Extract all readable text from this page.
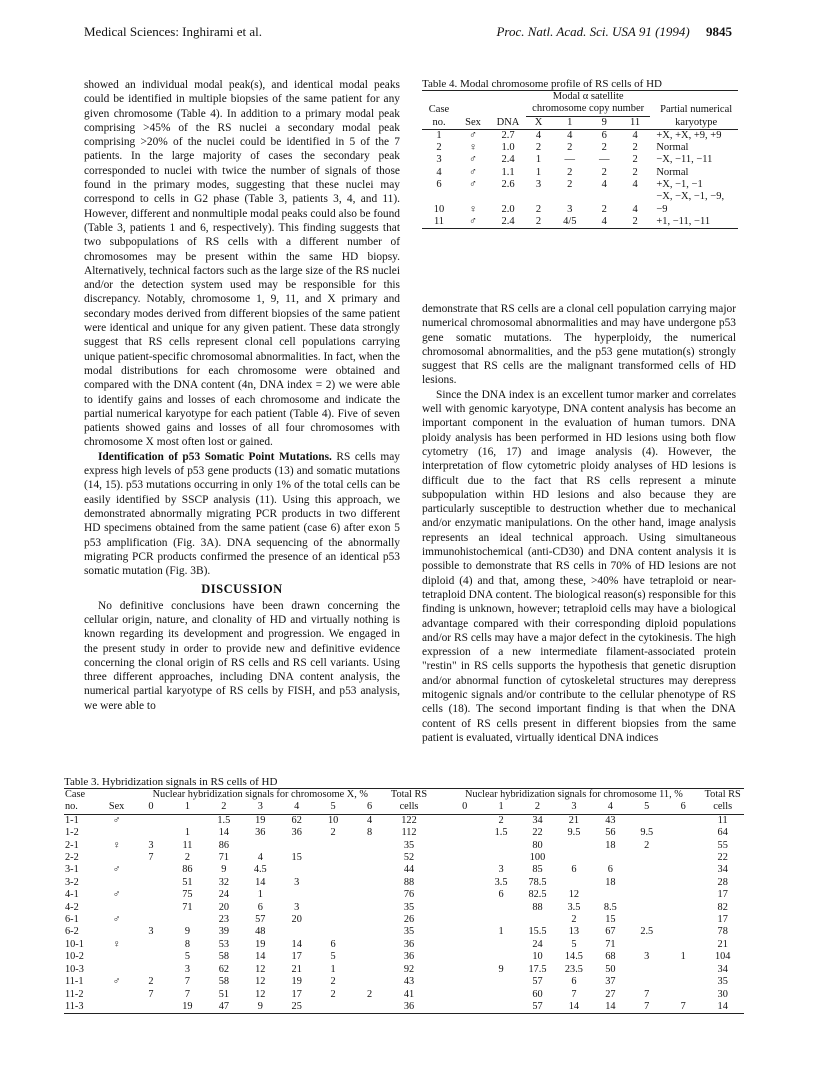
Medical Sciences: Inghirami et al.	Proc. Natl. Acad. Sci. USA 91 (1994) 9845

showed an individual modal peak(s), and identical modal peaks could be identified in multiple biopsies of the same patient for any given chromosome (Table 4). In addition to a primary modal peak comprising >45% of the RS nuclei a secondary modal peak comprising >20% of the nuclei could be identified in 5 of the 7 patients. In the large majority of cases the secondary peak corresponded to nuclei with twice the number of signals of those found in the primary modes, suggesting that these nuclei may correspond to cells in G2 phase (Table 3, patients 3, 4, and 11). However, different and nonmultiple modal peaks could also be found (Table 3, patients 1 and 6, respectively). This finding suggests that two subpopulations of RS cells with a different number of chromosomes may be present within the same HD biopsy. Alternatively, technical factors such as the large size of the RS nuclei and/or the detection system used may be responsible for this discrepancy. Notably, chromosome 1, 9, 11, and X primary and secondary modes derived from different biopsies of the same patient were identical and unique for any given patient. These data strongly suggest that RS cells represent clonal cell populations carrying unique patient-specific chromosomal abnormalities. In fact, when the modal distributions for each chromosome were obtained and compared with the DNA content (4n, DNA index = 2) we were able to identify gains and losses of each chromosome and indicate the partial numerical karyotype for each patient (Table 4). Five of seven patients showed gains and losses of all four chromosomes with chromosome X most often lost or gained.

Identification of p53 Somatic Point Mutations. RS cells may express high levels of p53 gene products (13) and somatic mutations (14, 15). p53 mutations occurring in only 1% of the total cells can be easily identified by SSCP analysis (11). Using this approach, we demonstrated abnormally migrating PCR products in two different HD specimens obtained from the same patient (case 6) after exon 5 p53 amplification (Fig. 3A). DNA sequencing of the abnormally migrating PCR products confirmed the presence of an identical p53 somatic mutation (Fig. 3B).

DISCUSSION

No definitive conclusions have been drawn concerning the cellular origin, nature, and clonality of HD and virtually nothing is known regarding its development and progression. We engaged in the present study in order to provide new and definitive evidence concerning the clonal origin of RS cells and RS cell variants. Using three different approaches, including DNA content analysis, the numerical partial karyotype of RS cells by FISH, and p53 analysis, we were able to

Table 4. Modal chromosome profile of RS cells of HD
Case no.	Sex	DNA	Modal α satellite chromosome copy number				Partial numerical karyotype
			X	1	9	11	
1	♂	2.7	4	4	6	4	+X, +X, +9, +9
2	♀	1.0	2	2	2	2	Normal
3	♂	2.4	1	—	—	2	−X, −11, −11
4	♂	1.1	1	2	2	2	Normal
6	♂	2.6	3	2	4	4	+X, −1, −1
10	♀	2.0	2	3	2	4	−X, −X, −1, −9, −9
11	♂	2.4	2	4/5	4	2	+1, −11, −11

demonstrate that RS cells are a clonal cell population carrying major numerical chromosomal abnormalities and may have undergone p53 gene somatic mutations. The hyperploidy, the numerical chromosomal abnormalities, and the p53 gene mutation(s) strongly suggest that RS cells are the malignant transformed cells of HD lesions.

Since the DNA index is an excellent tumor marker and correlates well with genomic karyotype, DNA content analysis has become an important component in the evaluation of human tumors. DNA ploidy analysis has been performed in HD lesions using both flow cytometry (16, 17) and image analysis (4). However, the interpretation of flow cytometric ploidy analyses of HD lesions is difficult due to the fact that RS cells represent a minute subpopulation within HD lesions and also because they are particularly susceptible to destruction whether due to mechanical and/or enzymatic manipulations. On the other hand, image analysis represents an ideal technical approach. Using simultaneous immunohistochemical (anti-CD30) and DNA content analysis it is possible to demonstrate that RS cells in 70% of HD lesions are not diploid (4) and that, among these, >40% have tetraploid or near-tetraploid DNA content. The biological reason(s) responsible for this finding is unknown, however; tetraploid cells may have a biological advantage compared with their corresponding diploid populations and/or RS cells may have a major defect in the cytokinesis. The high expression of a new intermediate filament-associated protein "restin" in RS cells supports the hypothesis that genetic disruption and/or abnormal function of cytoskeletal structures may derepress mitogenic signals and/or contribute to the cellular phenotype of RS cells (18). The second important finding is that when the DNA content of RS cells present in different biopsies from the same patient is evaluated, virtually identical DNA indices

Table 3. Hybridization signals in RS cells of HD
Case no.	Sex	Nuclear hybridization signals for chromosome X, %							Total RS cells		Nuclear hybridization signals for chromosome 11, %							Total RS cells
		0	1	2	3	4	5	6			0	1	2	3	4	5	6	
1-1	♂			1.5	19	62	10	4	122			2	34	21	43			11
1-2			1	14	36	36	2	8	112			1.5	22	9.5	56	9.5		64
2-1	♀	3	11	86					35				80		18	2		55
2-2		7	2	71	4	15			52				100					22
3-1	♂		86	9	4.5				44			3	85	6	6			34
3-2			51	32	14	3			88			3.5	78.5		18			28
4-1	♂		75	24	1				76			6	82.5	12				17
4-2			71	20	6	3			35				88	3.5	8.5			82
6-1	♂			23	57	20			26					2	15			17
6-2		3	9	39	48				35			1	15.5	13	67	2.5		78
10-1	♀		8	53	19	14	6		36				24	5	71			21
10-2			5	58	14	17	5		36				10	14.5	68	3	1	104
10-3			3	62	12	21	1		92			9	17.5	23.5	50			34
11-1	♂	2	7	58	12	19	2		43				57	6	37			35
11-2		7	7	51	12	17	2	2	41				60	7	27	7		30
11-3			19	47	9	25			36				57	14	14	7	7	14
